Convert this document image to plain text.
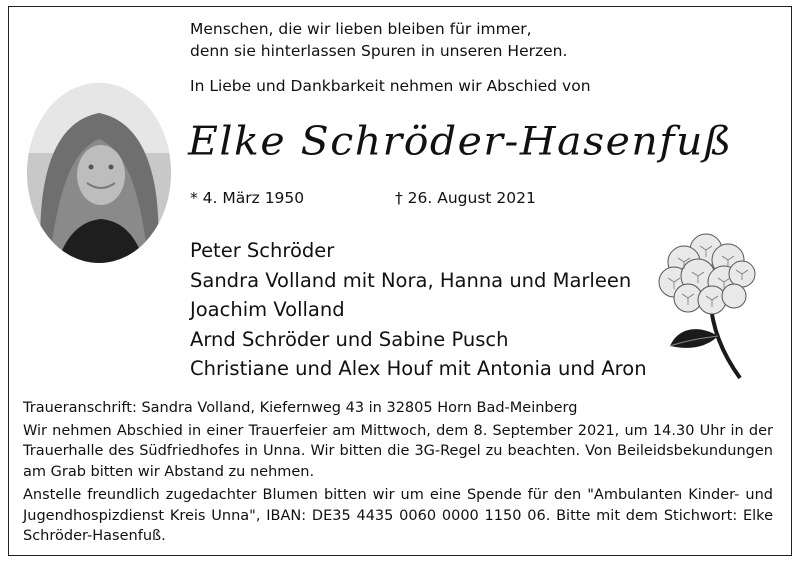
Menschen, die wir lieben bleiben für immer,

denn sie hinterlassen Spuren in unseren Herzen.

In Liebe und Dankbarkeit nehmen wir Abschied von

Elke Schröder-Hasenfuß
* 4. März 1950	† 26. August 2021
Peter Schröder
Sandra Volland mit Nora, Hanna und Marleen
Joachim Volland
Arnd Schröder und Sabine Pusch
Christiane und Alex Houf mit Antonia und Aron

Traueranschrift: Sandra Volland, Kiefernweg 43 in 32805 Horn Bad-Meinberg

Wir nehmen Abschied in einer Trauerfeier am Mittwoch, dem 8. September 2021, um 14.30 Uhr in der Trauerhalle des Südfriedhofes in Unna. Wir bitten die 3G-Regel zu beachten. Von Beileidsbekundungen am Grab bitten wir Abstand zu nehmen.

Anstelle freundlich zugedachter Blumen bitten wir um eine Spende für den "Ambulanten Kinder- und Jugendhospizdienst Kreis Unna", IBAN: DE35 4435 0060 0000 1150 06. Bitte mit dem Stichwort: Elke Schröder-Hasenfuß.
